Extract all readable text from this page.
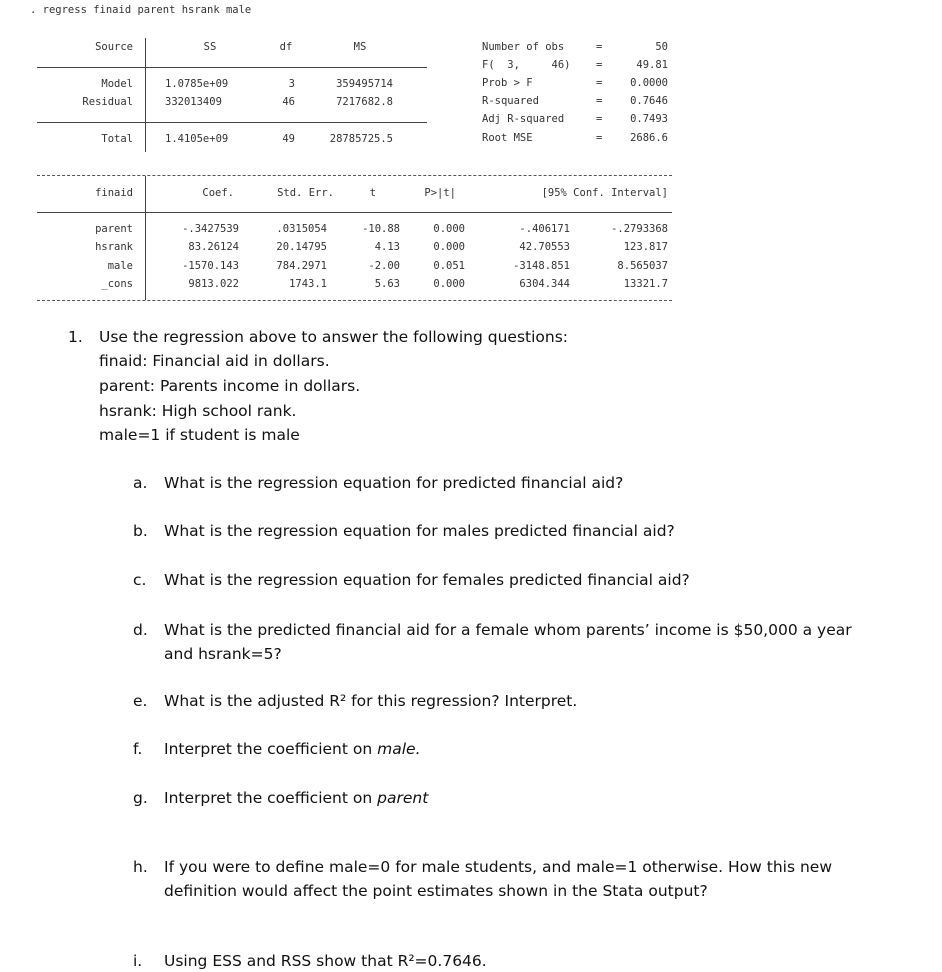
. regress finaid parent hsrank male
Source	SS	df	MS
Model	1.0785e+09	3	359495714
Residual	332013409	46	7217682.8
Total	1.4105e+09	49	28785725.5
Number of obs	=	50
F(  3,     46) =	49.81
Prob > F	=	0.0000
R-squared	=	0.7646
Adj R-squared	=	0.7493
Root MSE	=	2686.6
finaid	Coef.	Std. Err.	t	P>|t|	[95% Conf. Interval]
parent	-.3427539	.0315054	-10.88	0.000	-.406171	-.2793368
hsrank	83.26124	20.14795	4.13	0.000	42.70553	123.817
male	-1570.143	784.2971	-2.00	0.051	-3148.851	8.565037
_cons	9813.022	1743.1	5.63	0.000	6304.344	13321.7
1. Use the regression above to answer the following questions:
finaid: Financial aid in dollars.
parent: Parents income in dollars.
hsrank: High school rank.
male=1 if student is male
a. What is the regression equation for predicted financial aid?
b. What is the regression equation for males predicted financial aid?
c. What is the regression equation for females predicted financial aid?
d. What is the predicted financial aid for a female whom parents’ income is $50,000 a year
and hsrank=5?
e. What is the adjusted R² for this regression? Interpret.
f. Interpret the coefficient on male.
g. Interpret the coefficient on parent
h. If you were to define male=0 for male students, and male=1 otherwise. How this new
definition would affect the point estimates shown in the Stata output?
i. Using ESS and RSS show that R²=0.7646.
